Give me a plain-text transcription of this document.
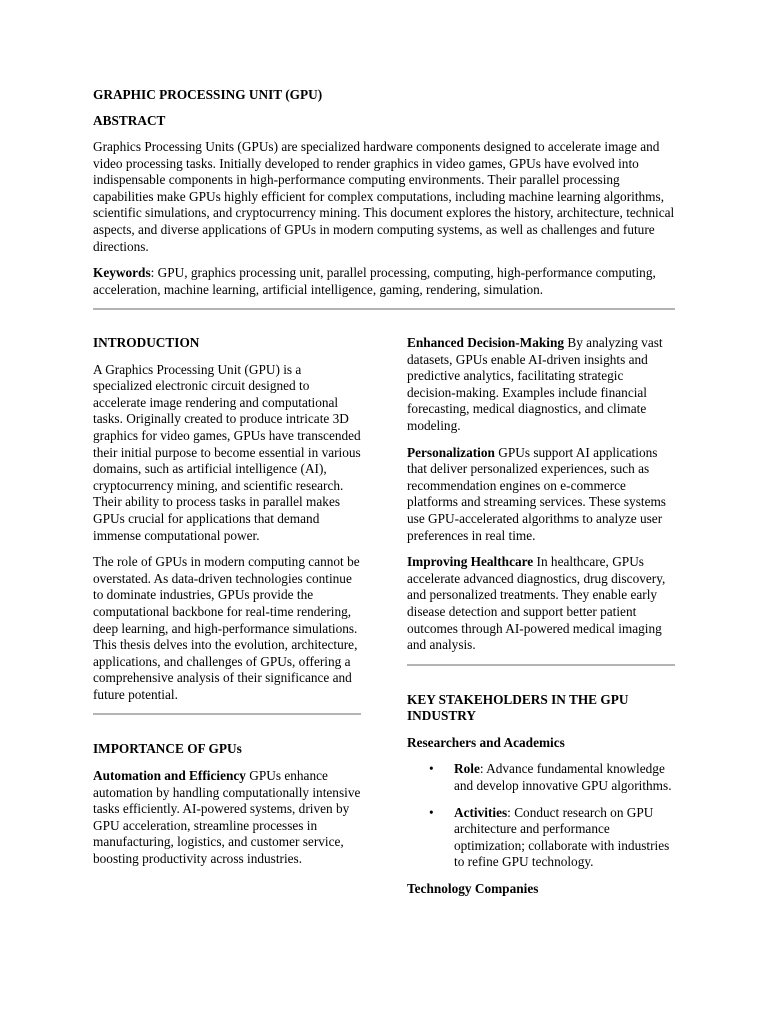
GRAPHIC PROCESSING UNIT (GPU)
ABSTRACT

Graphics Processing Units (GPUs) are specialized hardware components designed to accelerate image and video processing tasks. Initially developed to render graphics in video games, GPUs have evolved into indispensable components in high-performance computing environments. Their parallel processing capabilities make GPUs highly efficient for complex computations, including machine learning algorithms, scientific simulations, and cryptocurrency mining. This document explores the history, architecture, technical aspects, and diverse applications of GPUs in modern computing systems, as well as challenges and future directions.

Keywords: GPU, graphics processing unit, parallel processing, computing, high-performance computing, acceleration, machine learning, artificial intelligence, gaming, rendering, simulation.

INTRODUCTION

A Graphics Processing Unit (GPU) is a specialized electronic circuit designed to accelerate image rendering and computational tasks. Originally created to produce intricate 3D graphics for video games, GPUs have transcended their initial purpose to become essential in various domains, such as artificial intelligence (AI), cryptocurrency mining, and scientific research. Their ability to process tasks in parallel makes GPUs crucial for applications that demand immense computational power.

The role of GPUs in modern computing cannot be overstated. As data-driven technologies continue to dominate industries, GPUs provide the computational backbone for real-time rendering, deep learning, and high-performance simulations. This thesis delves into the evolution, architecture, applications, and challenges of GPUs, offering a comprehensive analysis of their significance and future potential.

IMPORTANCE OF GPUs

Automation and Efficiency GPUs enhance automation by handling computationally intensive tasks efficiently. AI-powered systems, driven by GPU acceleration, streamline processes in manufacturing, logistics, and customer service, boosting productivity across industries.

Enhanced Decision-Making By analyzing vast datasets, GPUs enable AI-driven insights and predictive analytics, facilitating strategic decision-making. Examples include financial forecasting, medical diagnostics, and climate modeling.

Personalization GPUs support AI applications that deliver personalized experiences, such as recommendation engines on e-commerce platforms and streaming services. These systems use GPU-accelerated algorithms to analyze user preferences in real time.

Improving Healthcare In healthcare, GPUs accelerate advanced diagnostics, drug discovery, and personalized treatments. They enable early disease detection and support better patient outcomes through AI-powered medical imaging and analysis.

KEY STAKEHOLDERS IN THE GPU INDUSTRY
Researchers and Academics
• Role: Advance fundamental knowledge and develop innovative GPU algorithms.
• Activities: Conduct research on GPU architecture and performance optimization; collaborate with industries to refine GPU technology.
Technology Companies
